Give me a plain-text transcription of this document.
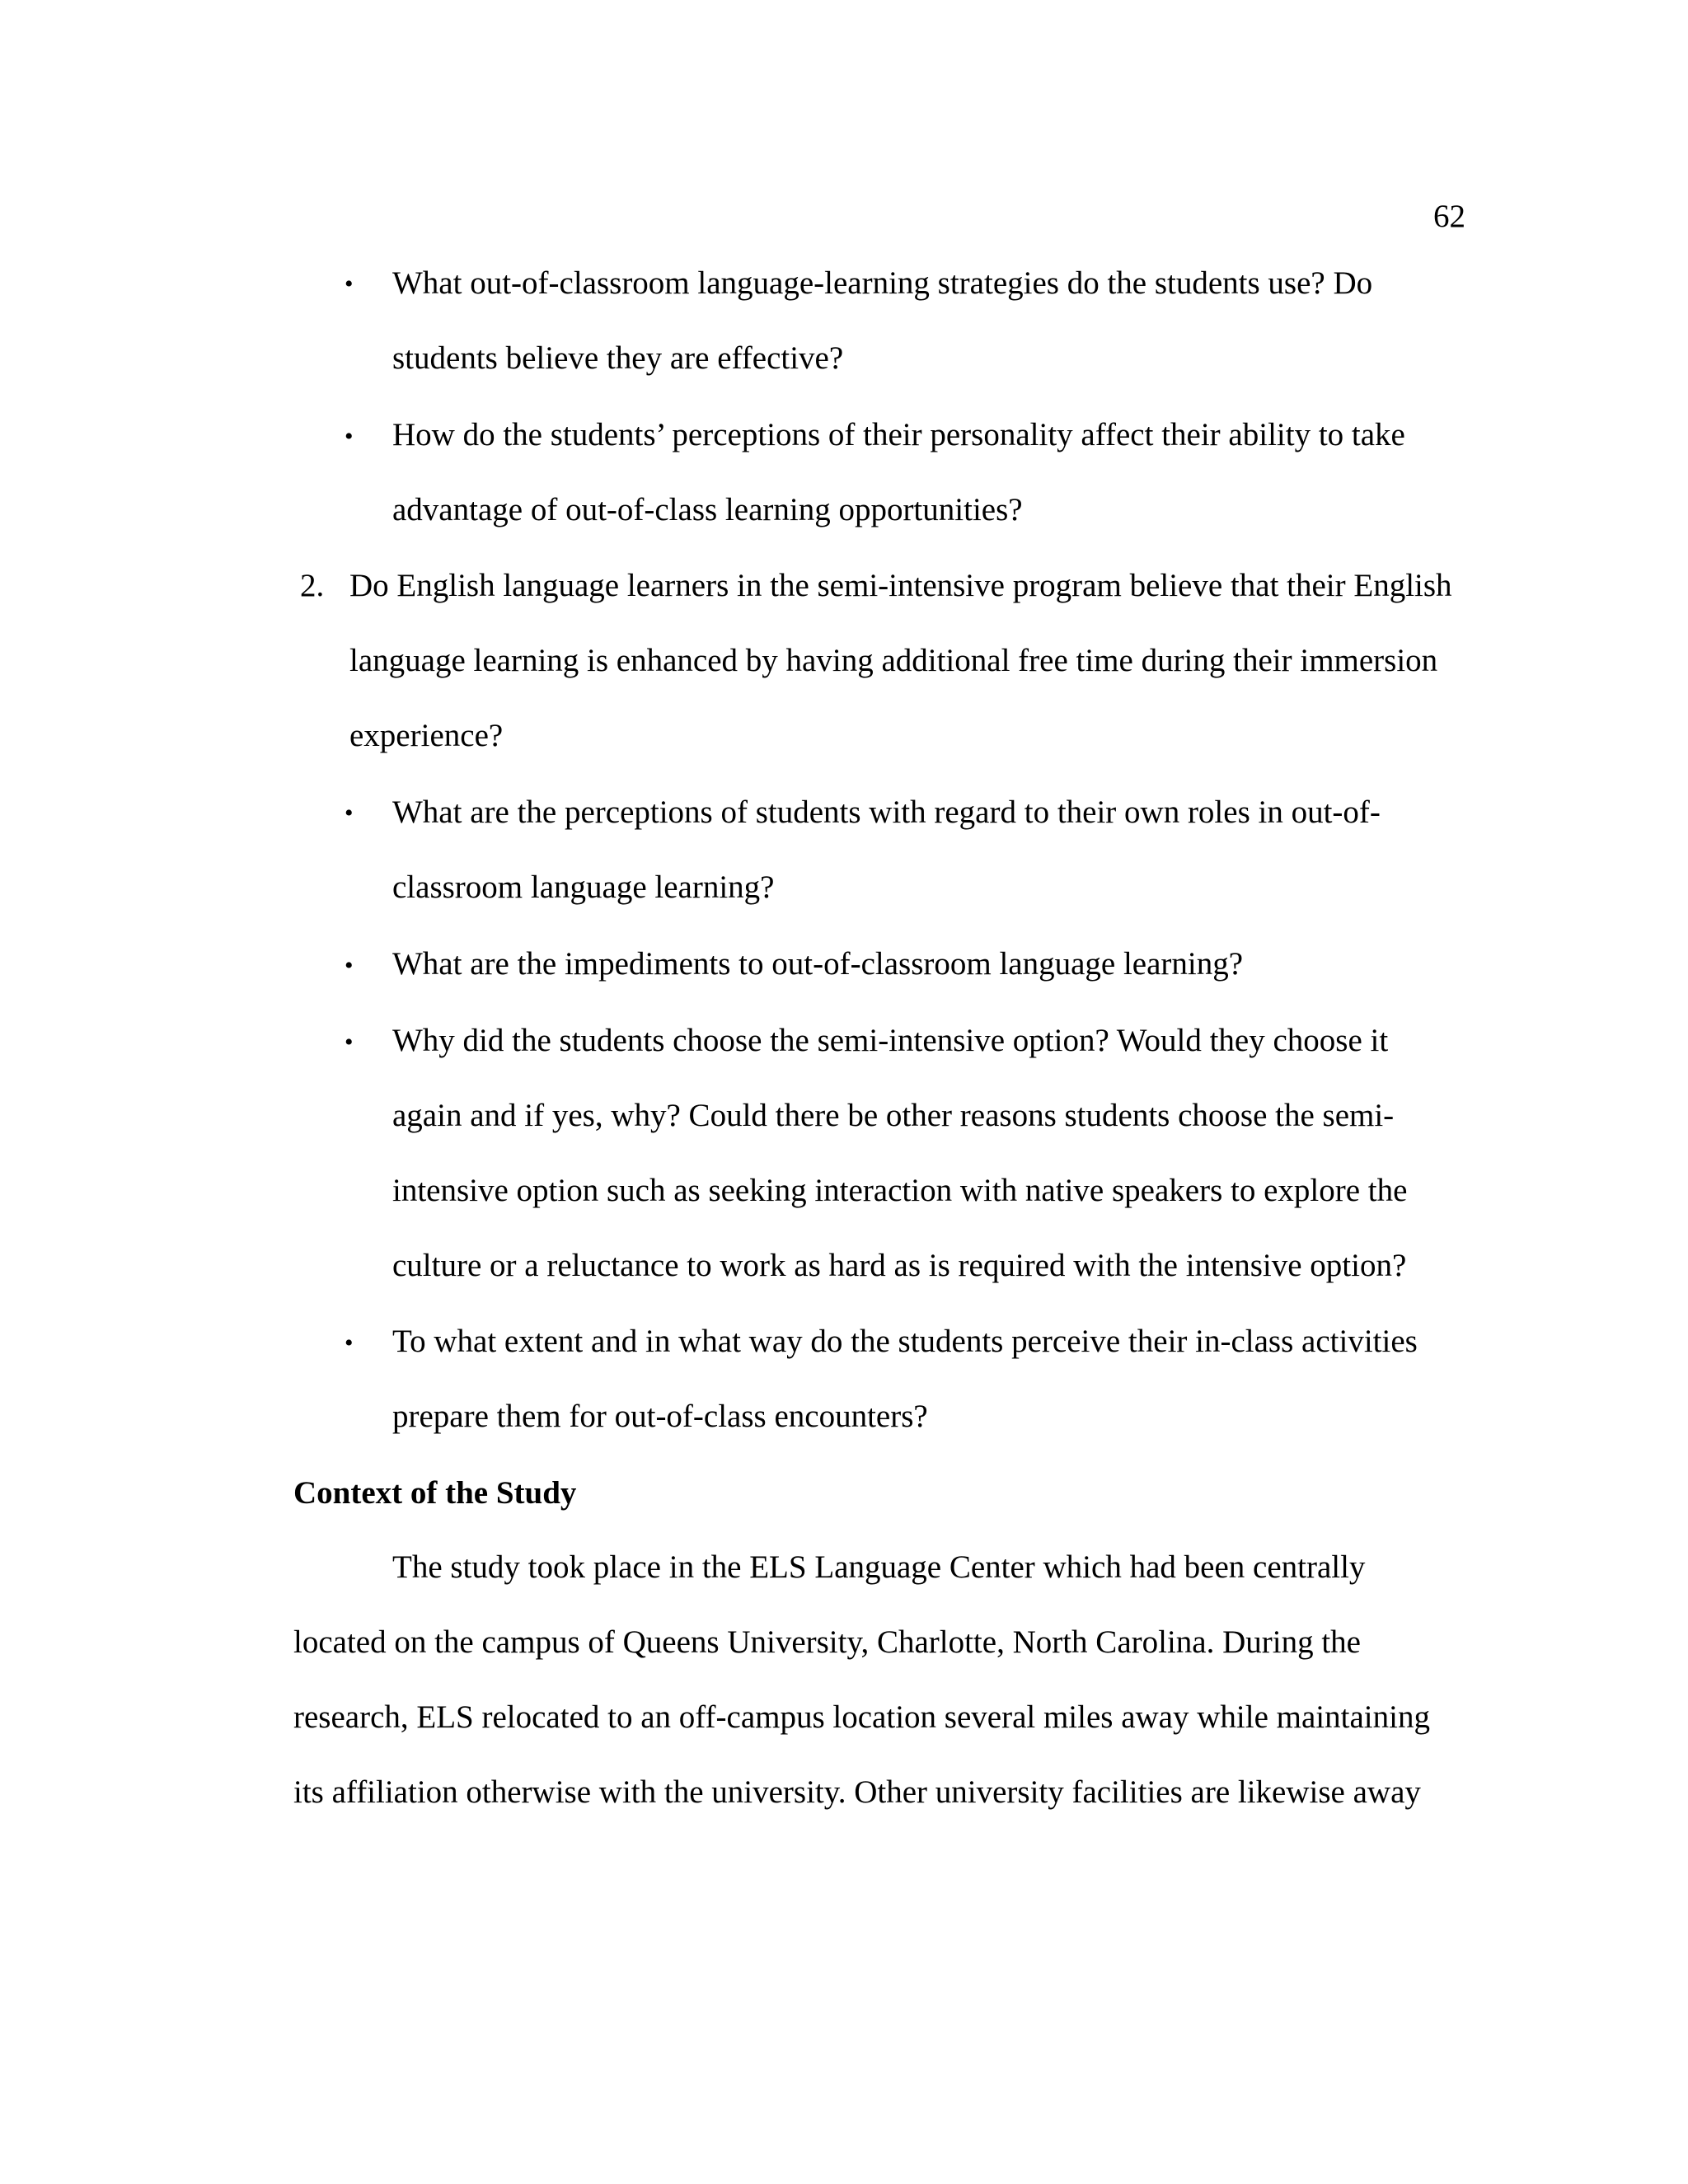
62
• What out-of-classroom language-learning strategies do the students use? Do
students believe they are effective?
• How do the students’ perceptions of their personality affect their ability to take
advantage of out-of-class learning opportunities?
2. Do English language learners in the semi-intensive program believe that their English
language learning is enhanced by having additional free time during their immersion
experience?
• What are the perceptions of students with regard to their own roles in out-of-
classroom language learning?
• What are the impediments to out-of-classroom language learning?
• Why did the students choose the semi-intensive option? Would they choose it
again and if yes, why? Could there be other reasons students choose the semi-
intensive option such as seeking interaction with native speakers to explore the
culture or a reluctance to work as hard as is required with the intensive option?
• To what extent and in what way do the students perceive their in-class activities
prepare them for out-of-class encounters?
Context of the Study
The study took place in the ELS Language Center which had been centrally
located on the campus of Queens University, Charlotte, North Carolina. During the
research, ELS relocated to an off-campus location several miles away while maintaining
its affiliation otherwise with the university. Other university facilities are likewise away
